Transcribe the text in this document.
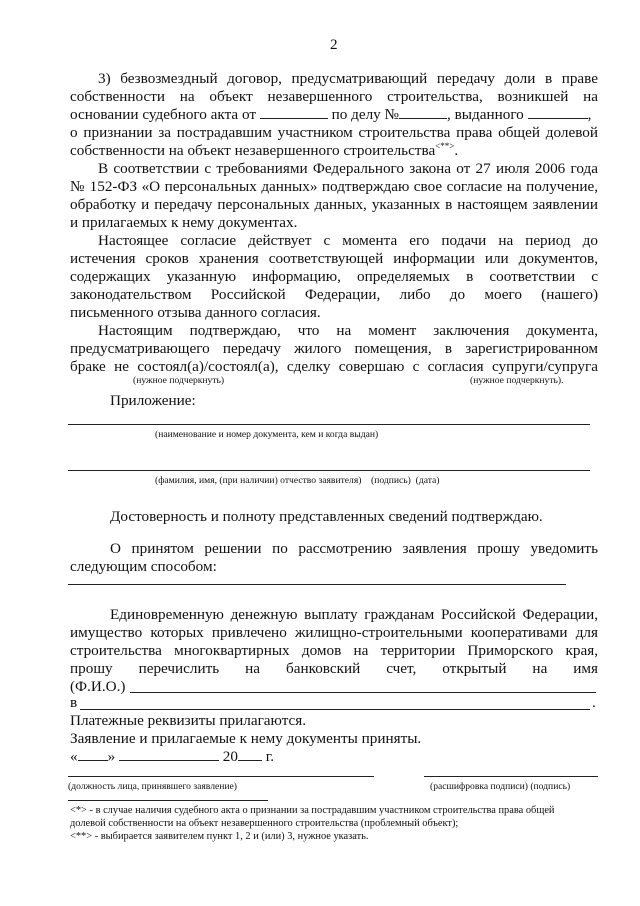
2
3) безвозмездный договор, предусматривающий передачу доли в праве
собственности на объект незавершенного строительства, возникшей на
основании судебного акта от	по делу №	, выданного	,
о признании за пострадавшим участником строительства права общей долевой
собственности на объект незавершенного строительства<**>.
В соответствии с требованиями Федерального закона от 27 июля 2006 года
№ 152-ФЗ «О персональных данных» подтверждаю свое согласие на получение,
обработку и передачу персональных данных, указанных в настоящем заявлении
и прилагаемых к нему документах.
Настоящее согласие действует с момента его подачи на период до
истечения сроков хранения соответствующей информации или документов,
содержащих указанную информацию, определяемых в соответствии с
законодательством Российской Федерации, либо до моего (нашего)
письменного отзыва данного согласия.
Настоящим подтверждаю, что на момент заключения документа,
предусматривающего передачу жилого помещения, в зарегистрированном
браке не состоял(а)/состоял(а), сделку совершаю с согласия супруги/супруга
(нужное подчеркнуть)	(нужное подчеркнуть).
Приложение:
(наименование и номер документа, кем и когда выдан)
(фамилия, имя, (при наличии) отчество заявителя)    (подпись)  (дата)
Достоверность и полноту представленных сведений подтверждаю.
О принятом решении по рассмотрению заявления прошу уведомить
следующим способом:
Единовременную денежную выплату гражданам Российской Федерации,
имущество которых привлечено жилищно-строительными кооперативами для
строительства многоквартирных домов на территории Приморского края,
прошу перечислить на банковский счет, открытый на имя
(Ф.И.О.)
в	.
Платежные реквизиты прилагаются.
Заявление и прилагаемые к нему документы приняты.
« »	20 г.
(должность лица, принявшего заявление)	(расшифровка подписи) (подпись)
<*> - в случае наличия судебного акта о признании за пострадавшим участником строительства права общей
долевой собственности на объект незавершенного строительства (проблемный объект);
<**> - выбирается заявителем пункт 1, 2 и (или) 3, нужное указать.
